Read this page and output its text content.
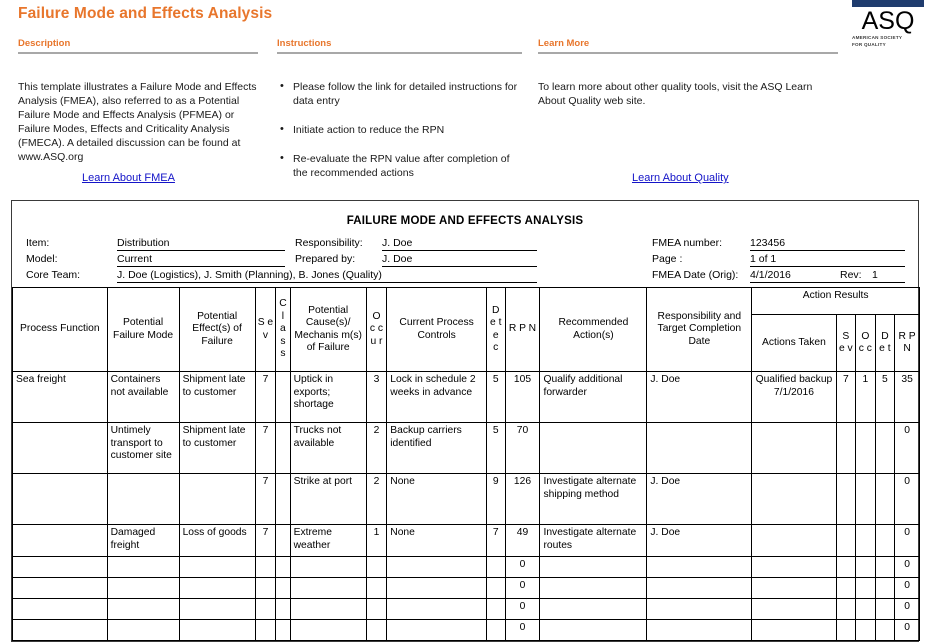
Failure Mode and Effects Analysis	ASQ
AMERICAN SOCIETY
FOR QUALITY
Description
This template illustrates a Failure Mode and Effects Analysis (FMEA), also referred to as a Potential Failure Mode and Effects Analysis (PFMEA) or Failure Modes, Effects and Criticality Analysis (FMECA). A detailed discussion can be found at www.ASQ.org
Instructions
• Please follow the link for detailed instructions for data entry
• Initiate action to reduce the RPN
• Re-evaluate the RPN value after completion of the recommended actions
Learn More
To learn more about other quality tools, visit the ASQ Learn About Quality web site.
Learn About FMEA	Learn About Quality
FAILURE MODE AND EFFECTS ANALYSIS
Item:	Distribution
Model:	Current
Core Team:	J. Doe (Logistics), J. Smith (Planning), B. Jones (Quality)
Responsibility: J. Doe
Prepared by:	J. Doe
FMEA number:	123456
Page :	1 of 1
FMEA Date (Orig): 4/1/2016	Rev: 1
Process Function	Potential Failure Mode	Potential Effect(s) of Failure	S e v	C l a s s	Potential Cause(s)/ Mechanis m(s) of Failure	O c c u r	Current Process Controls	D e t e c	R P N	Recommended Action(s)	Responsibility and Target Completion Date	Action Results				
												Actions Taken	S e v	O c c	D e t	R P N
Sea freight	Containers not available	Shipment late to customer	7		Uptick in exports; shortage	3	Lock in schedule 2 weeks in advance	5	105	Qualify additional forwarder	J. Doe	Qualified backup 7/1/2016	7	1	5	35
	Untimely transport to customer site	Shipment late to customer	7		Trucks not available	2	Backup carriers identified	5	70							0
			7		Strike at port	2	None	9	126	Investigate alternate shipping method	J. Doe					0
	Damaged freight	Loss of goods	7		Extreme weather	1	None	7	49	Investigate alternate routes	J. Doe					0
									0							0
									0							0
									0							0
									0							0
